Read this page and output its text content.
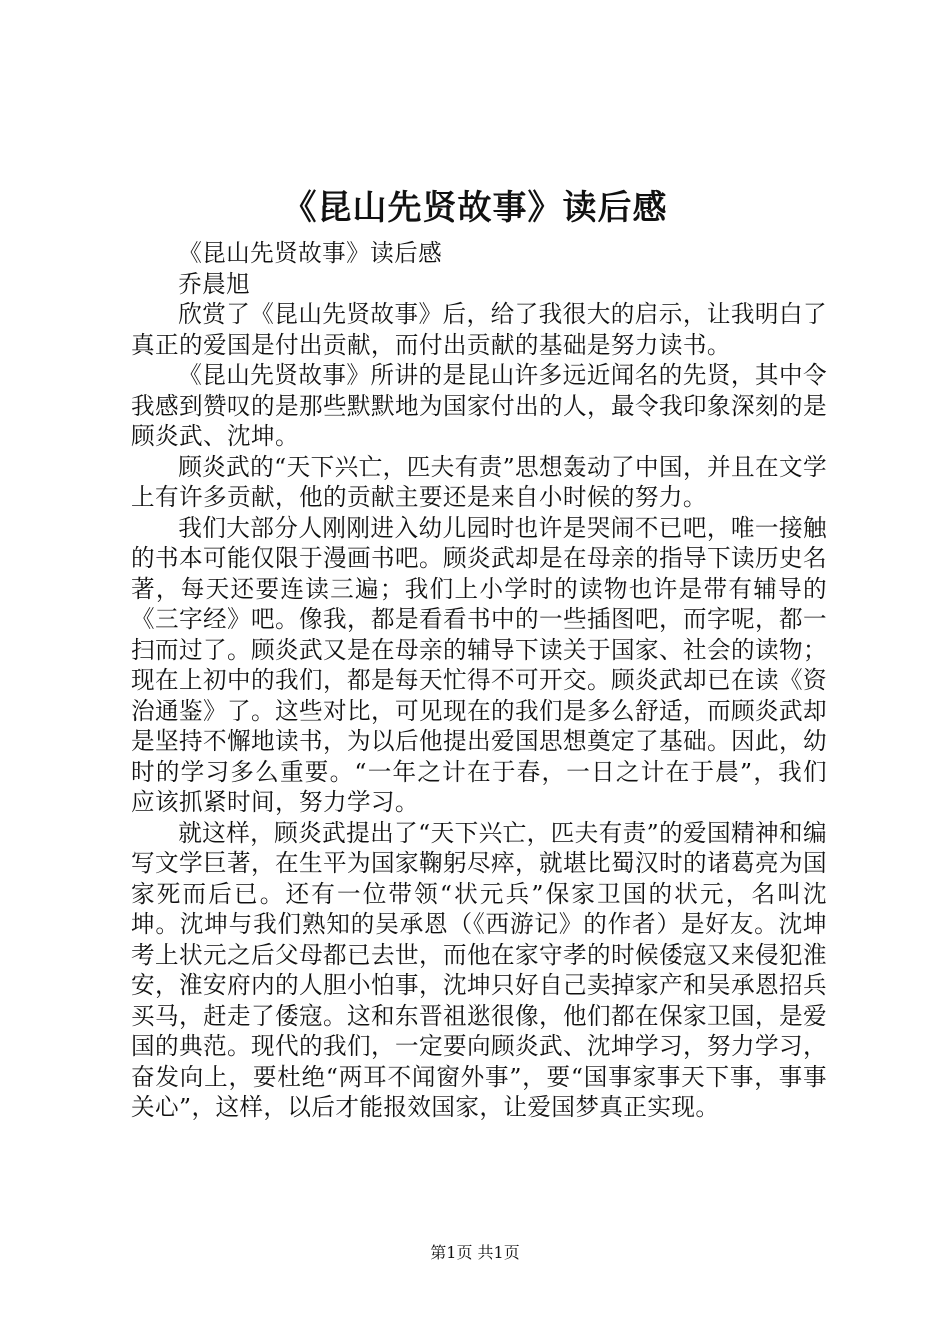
《昆山先贤故事》读后感

《昆山先贤故事》读后感

乔晨旭

欣赏了《昆山先贤故事》后，给了我很大的启示，让我明白了真正的爱国是付出贡献，而付出贡献的基础是努力读书。

《昆山先贤故事》所讲的是昆山许多远近闻名的先贤，其中令我感到赞叹的是那些默默地为国家付出的人，最令我印象深刻的是顾炎武、沈坤。

顾炎武的“天下兴亡，匹夫有责”思想轰动了中国，并且在文学上有许多贡献，他的贡献主要还是来自小时候的努力。

我们大部分人刚刚进入幼儿园时也许是哭闹不已吧，唯一接触的书本可能仅限于漫画书吧。顾炎武却是在母亲的指导下读历史名著，每天还要连读三遍；我们上小学时的读物也许是带有辅导的《三字经》吧。像我，都是看看书中的一些插图吧，而字呢，都一扫而过了。顾炎武又是在母亲的辅导下读关于国家、社会的读物；现在上初中的我们，都是每天忙得不可开交。顾炎武却已在读《资治通鉴》了。这些对比，可见现在的我们是多么舒适，而顾炎武却是坚持不懈地读书，为以后他提出爱国思想奠定了基础。因此，幼时的学习多么重要。“一年之计在于春，一日之计在于晨”，我们应该抓紧时间，努力学习。

就这样，顾炎武提出了“天下兴亡，匹夫有责”的爱国精神和编写文学巨著，在生平为国家鞠躬尽瘁，就堪比蜀汉时的诸葛亮为国家死而后已。还有一位带领“状元兵”保家卫国的状元，名叫沈坤。沈坤与我们熟知的吴承恩（《西游记》的作者）是好友。沈坤考上状元之后父母都已去世，而他在家守孝的时候倭寇又来侵犯淮安，淮安府内的人胆小怕事，沈坤只好自己卖掉家产和吴承恩招兵买马，赶走了倭寇。这和东晋祖逖很像，他们都在保家卫国，是爱国的典范。现代的我们，一定要向顾炎武、沈坤学习，努力学习，奋发向上，要杜绝“两耳不闻窗外事”，要“国事家事天下事，事事关心”，这样，以后才能报效国家，让爱国梦真正实现。

第1页 共1页
